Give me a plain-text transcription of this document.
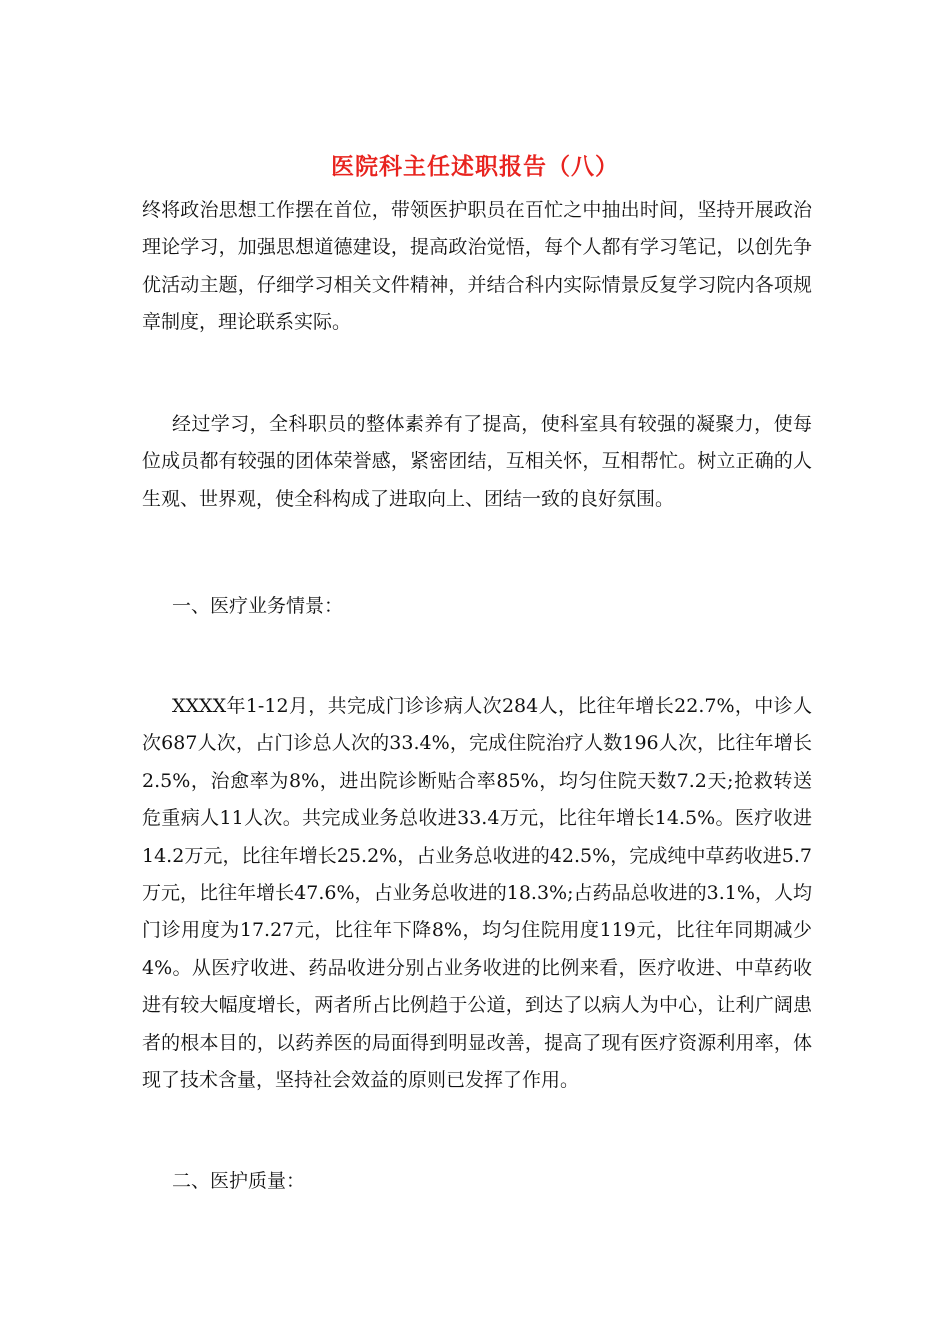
医院科主任述职报告（八）

终将政治思想工作摆在首位，带领医护职员在百忙之中抽出时间，坚持开展政治理论学习，加强思想道德建设，提高政治觉悟，每个人都有学习笔记，以创先争优活动主题，仔细学习相关文件精神，并结合科内实际情景反复学习院内各项规章制度，理论联系实际。

经过学习，全科职员的整体素养有了提高，使科室具有较强的凝聚力，使每位成员都有较强的团体荣誉感，紧密团结，互相关怀，互相帮忙。树立正确的人生观、世界观，使全科构成了进取向上、团结一致的良好氛围。

一、医疗业务情景：

XXXX年1-12月，共完成门诊诊病人次284人，比往年增长22.7%，中诊人次687人次，占门诊总人次的33.4%，完成住院治疗人数196人次，比往年增长2.5%，治愈率为8%，进出院诊断贴合率85%，均匀住院天数7.2天;抢救转送危重病人11人次。共完成业务总收进33.4万元，比往年增长14.5%。医疗收进14.2万元，比往年增长25.2%，占业务总收进的42.5%，完成纯中草药收进5.7万元，比往年增长47.6%，占业务总收进的18.3%;占药品总收进的3.1%，人均门诊用度为17.27元，比往年下降8%，均匀住院用度119元，比往年同期减少4%。从医疗收进、药品收进分别占业务收进的比例来看，医疗收进、中草药收进有较大幅度增长，两者所占比例趋于公道，到达了以病人为中心，让利广阔患者的根本目的，以药养医的局面得到明显改善，提高了现有医疗资源利用率，体现了技术含量，坚持社会效益的原则已发挥了作用。

二、医护质量：
